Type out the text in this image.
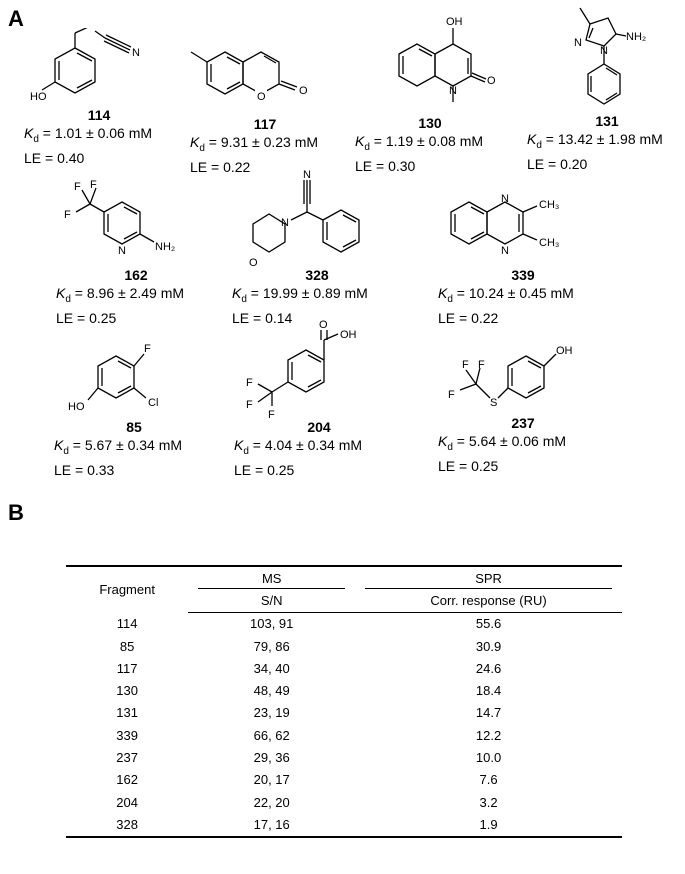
A
HO
N
114
$K_d = 1.01 \pm 0.06$ mM
LE = 0.40
O	O
117
$K_d = 9.31 \pm 0.23$ mM
LE = 0.22
OH
N
O
130
$K_d = 1.19 \pm 0.08$ mM
LE = 0.30
N
N
NH₂
131
$K_d = 13.42 \pm 1.98$ mM
LE = 0.20
F
F
F
N	NH₂
162
$K_d = 8.96 \pm 2.49$ mM
LE = 0.25
N
N
O
328
$K_d = 19.99 \pm 0.89$ mM
LE = 0.14
N
N
CH₃
CH₃
339
$K_d = 10.24 \pm 0.45$ mM
LE = 0.22
F
HO	Cl
85
$K_d = 5.67 \pm 0.34$ mM
LE = 0.33
O
OH
F
F
F
204
$K_d = 4.04 \pm 0.34$ mM
LE = 0.25
OH
F F
F
S
237
$K_d = 5.64 \pm 0.06$ mM
LE = 0.25
B
Fragment	MS	SPR

	S/N	Corr. response (RU)
114	103, 91	55.6
85	79, 86	30.9
117	34, 40	24.6
130	48, 49	18.4
131	23, 19	14.7
339	66, 62	12.2
237	29, 36	10.0
162	20, 17	7.6
204	22, 20	3.2
328	17, 16	1.9
